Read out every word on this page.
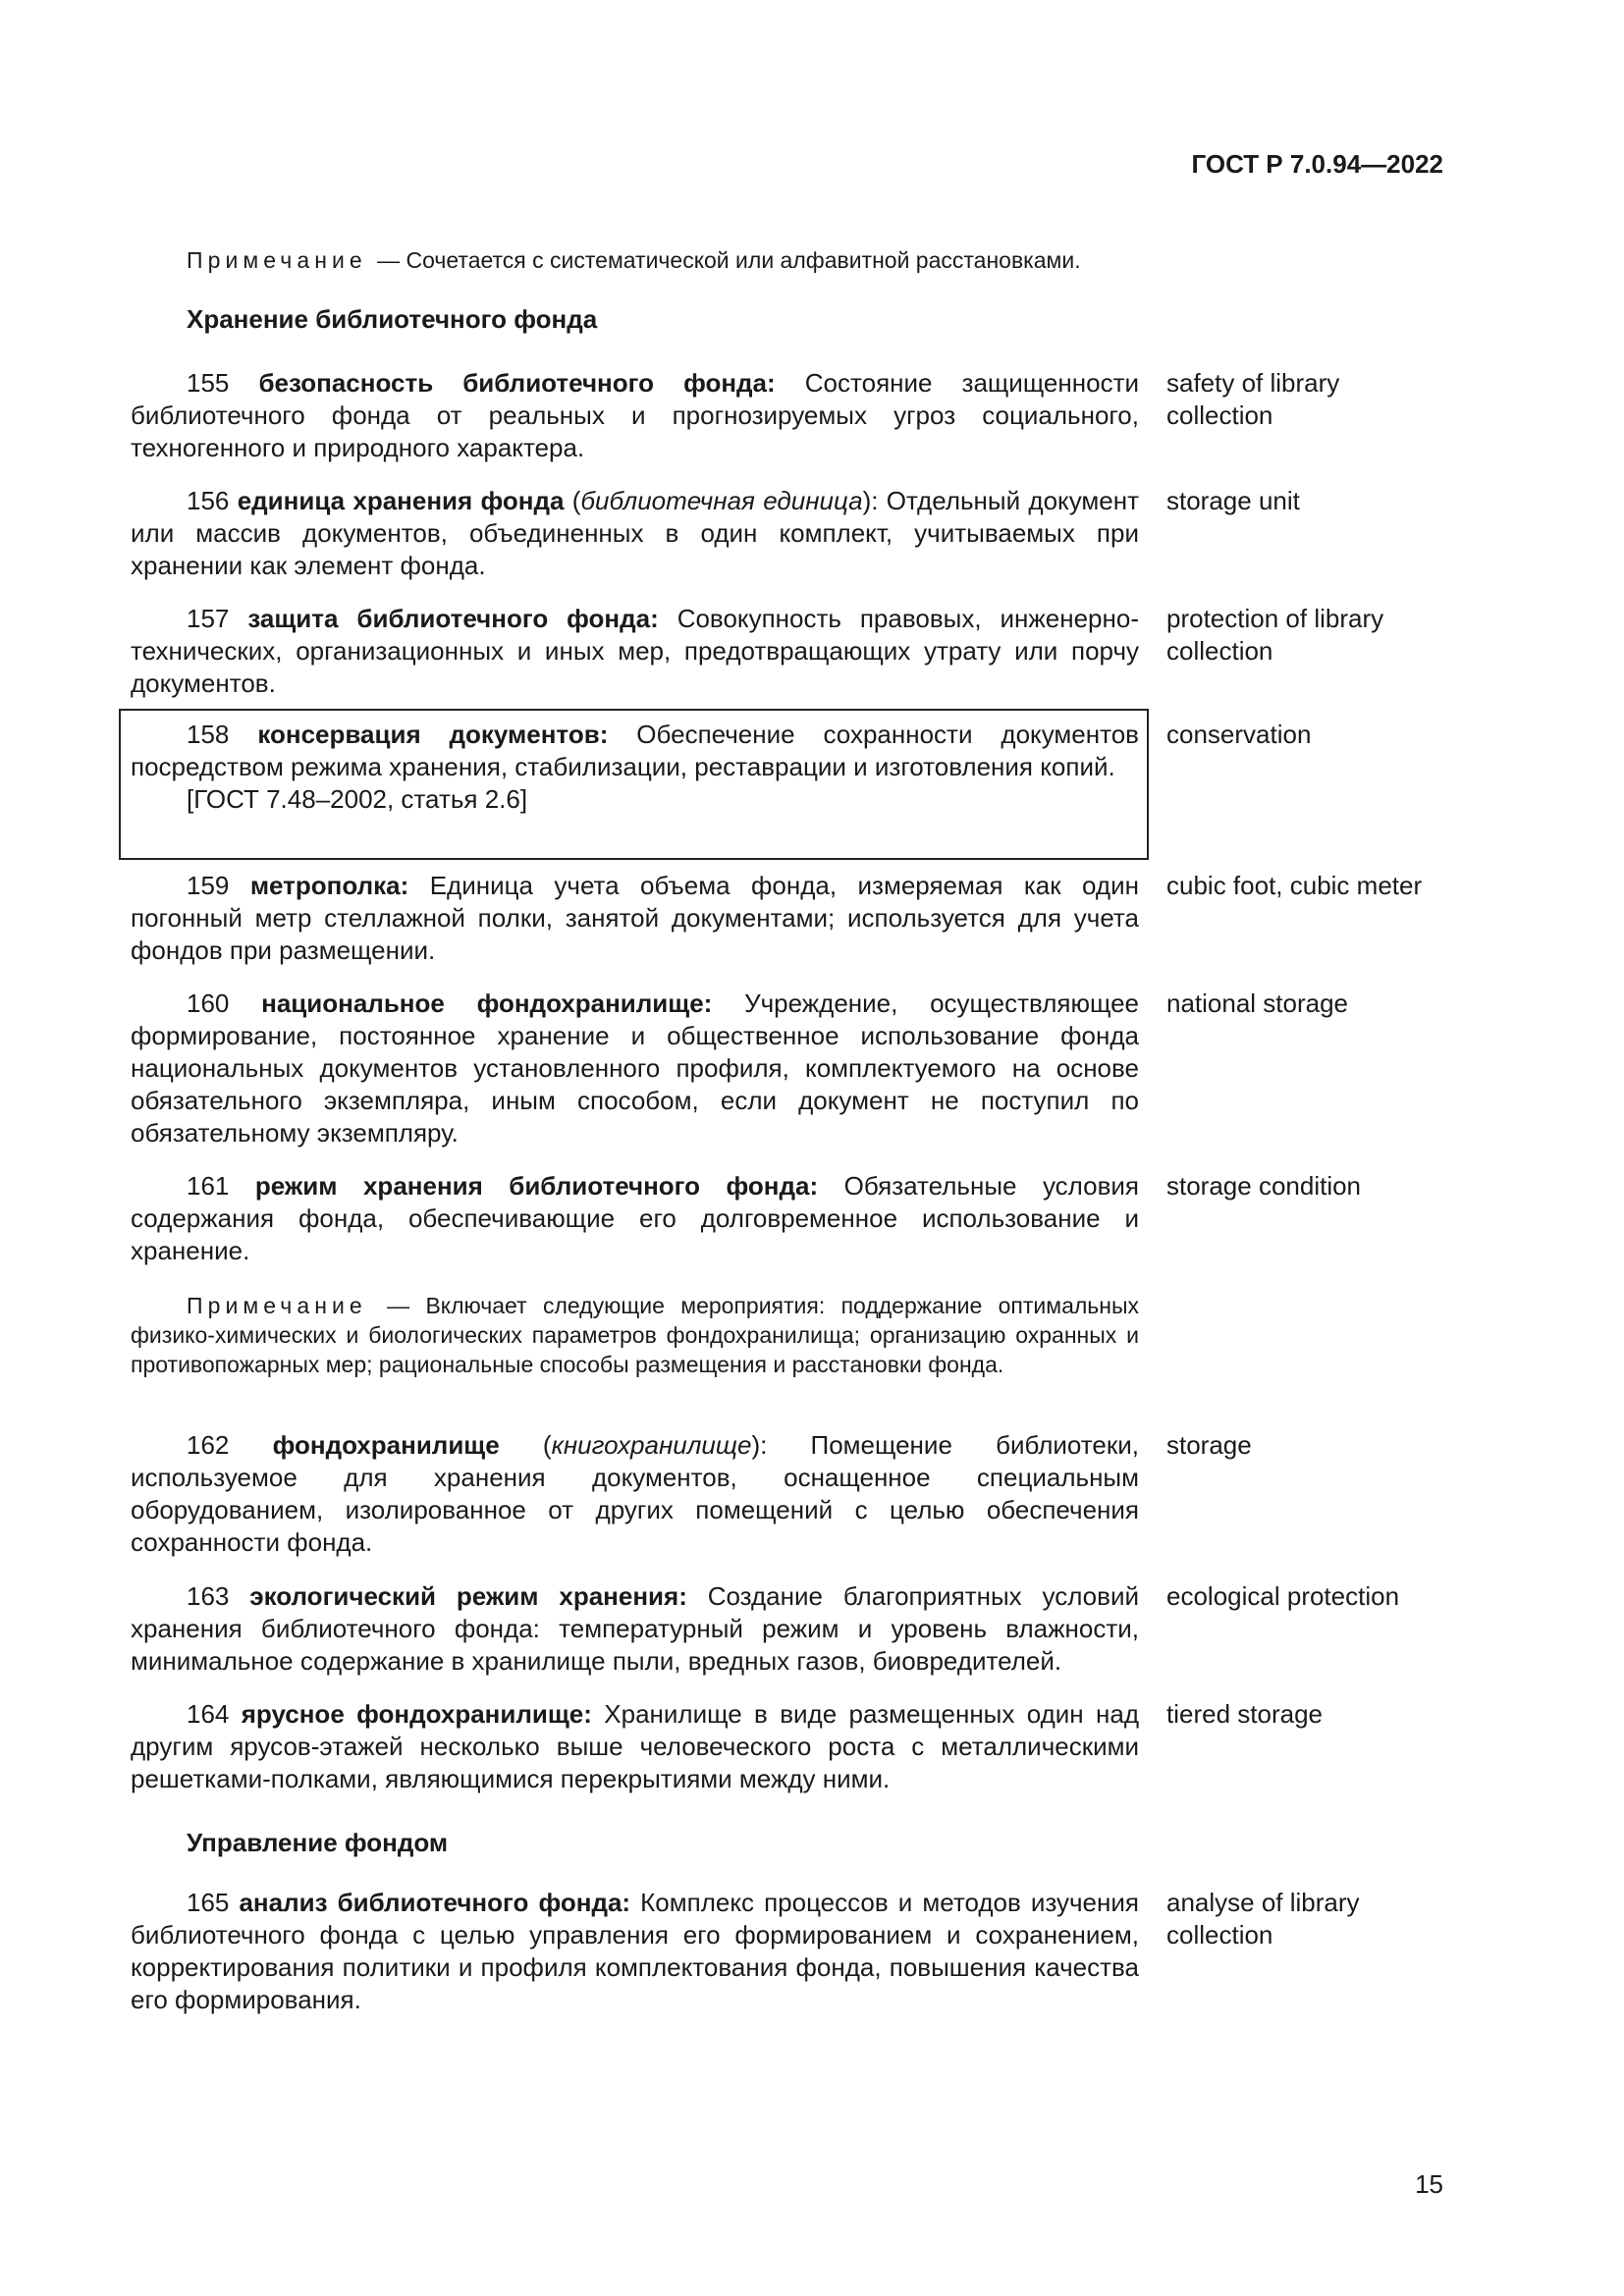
ГОСТ Р 7.0.94—2022
Примечание — Сочетается с систематической или алфавитной расстановками.
Хранение библиотечного фонда
155 безопасность библиотечного фонда: Состояние защищенности библиотечного фонда от реальных и прогнозируемых угроз социального, техногенного и природного характера.
safety of library collection
156 единица хранения фонда (библиотечная единица): Отдельный документ или массив документов, объединенных в один комплект, учитываемых при хранении как элемент фонда.
storage unit
157 защита библиотечного фонда: Совокупность правовых, инженерно-технических, организационных и иных мер, предотвращающих утрату или порчу документов.
protection of library collection
158 консервация документов: Обеспечение сохранности документов посредством режима хранения, стабилизации, реставрации и изготовления копий.
[ГОСТ 7.48–2002, статья 2.6]
conservation
159 метрополка: Единица учета объема фонда, измеряемая как один погонный метр стеллажной полки, занятой документами; используется для учета фондов при размещении.
cubic foot, cubic meter
160 национальное фондохранилище: Учреждение, осуществляющее формирование, постоянное хранение и общественное использование фонда национальных документов установленного профиля, комплектуемого на основе обязательного экземпляра, иным способом, если документ не поступил по обязательному экземпляру.
national storage
161 режим хранения библиотечного фонда: Обязательные условия содержания фонда, обеспечивающие его долговременное использование и хранение.
storage condition
Примечание — Включает следующие мероприятия: поддержание оптимальных физико-химических и биологических параметров фондохранилища; организацию охранных и противопожарных мер; рациональные способы размещения и расстановки фонда.
162 фондохранилище (книгохранилище): Помещение библиотеки, используемое для хранения документов, оснащенное специальным оборудованием, изолированное от других помещений с целью обеспечения сохранности фонда.
storage
163 экологический режим хранения: Создание благоприятных условий хранения библиотечного фонда: температурный режим и уровень влажности, минимальное содержание в хранилище пыли, вредных газов, биовредителей.
ecological protection
164 ярусное фондохранилище: Хранилище в виде размещенных один над другим ярусов-этажей несколько выше человеческого роста с металлическими решетками-полками, являющимися перекрытиями между ними.
tiered storage
Управление фондом
165 анализ библиотечного фонда: Комплекс процессов и методов изучения библиотечного фонда с целью управления его формированием и сохранением, корректирования политики и профиля комплектования фонда, повышения качества его формирования.
analyse of library collection
15
